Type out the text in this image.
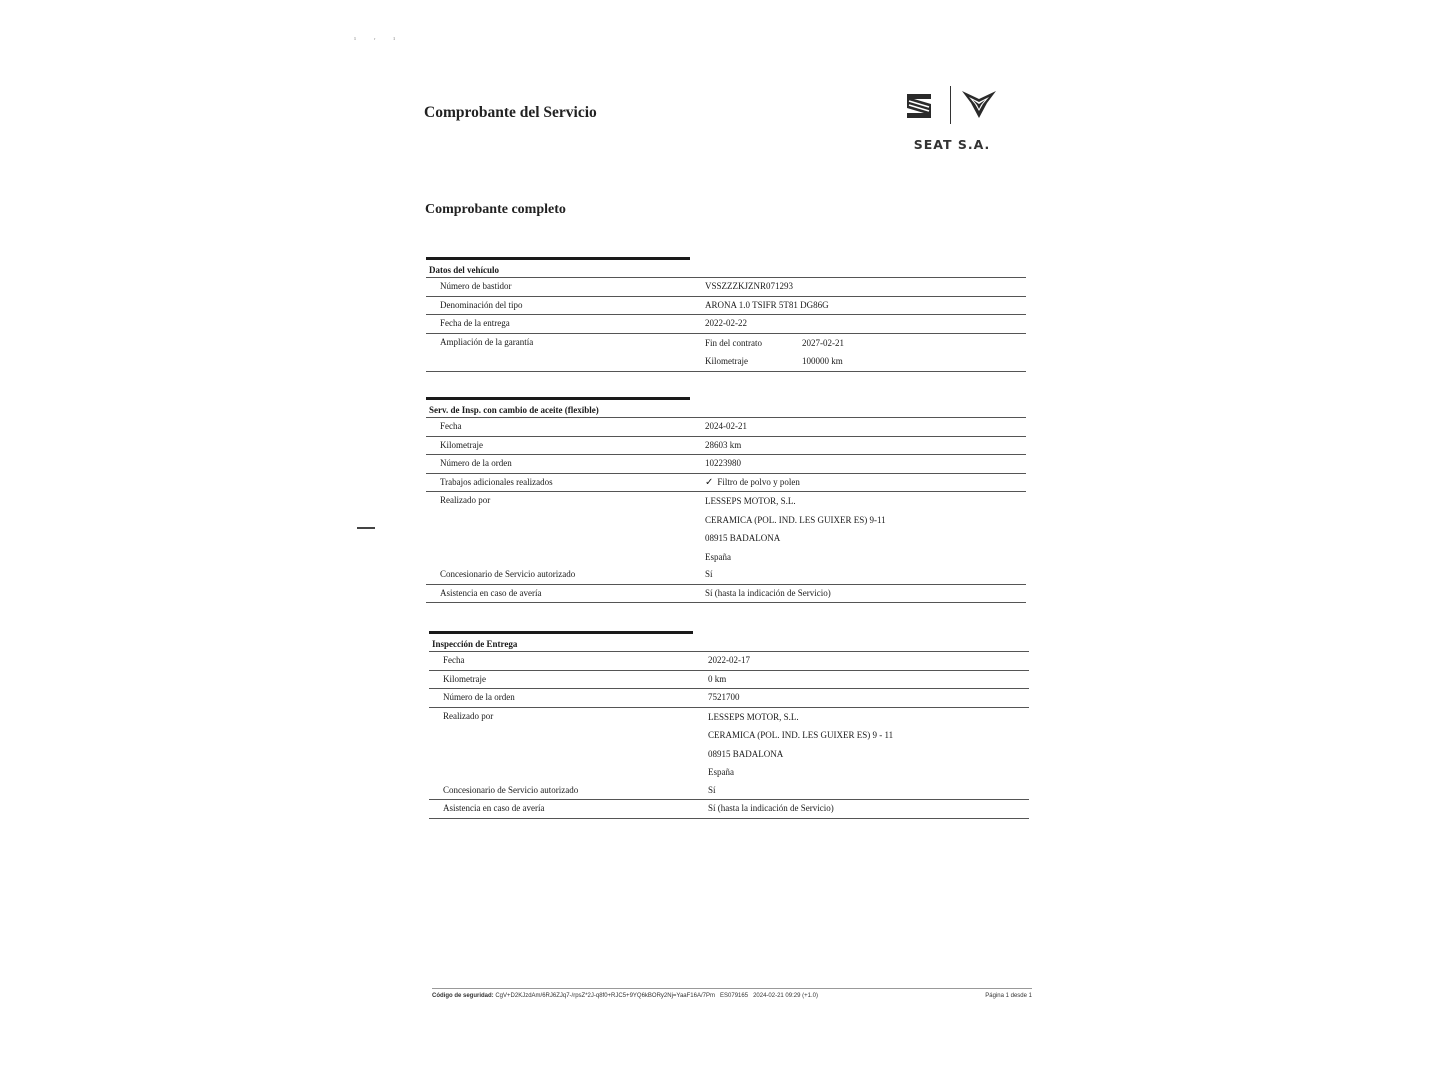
¹ ʳ ¹
Comprobante del Servicio
SEAT S.A.
Comprobante completo
Datos del vehículo
Número de bastidor	VSSZZZKJZNR071293
Denominación del tipo	ARONA 1.0 TSIFR 5T81 DG86G
Fecha de la entrega	2022-02-22
Ampliación de la garantía	Fin del contrato	2027-02-21
Kilometraje	100000 km
Serv. de Insp. con cambio de aceite (flexible)
Fecha	2024-02-21
Kilometraje	28603 km
Número de la orden	10223980
Trabajos adicionales realizados	✓ Filtro de polvo y polen
Realizado por	LESSEPS MOTOR, S.L.
CERAMICA (POL. IND. LES GUIXER ES) 9-11
08915 BADALONA
España
Concesionario de Servicio autorizado	Sí
Asistencia en caso de avería	Sí (hasta la indicación de Servicio)
Inspección de Entrega
Fecha	2022-02-17
Kilometraje	0 km
Número de la orden	7521700
Realizado por	LESSEPS MOTOR, S.L.
CERAMICA (POL. IND. LES GUIXER ES) 9 - 11
08915 BADALONA
España
Concesionario de Servicio autorizado	Sí
Asistencia en caso de avería	Sí (hasta la indicación de Servicio)
Código de seguridad: CgV+D2KJzdAm/6RJ6ZJq7-/rpsZ*2J-q8f0+RJC5+9YQ6kBORy2Nj=YaaF16A/7Pm ES079165 2024-02-21 09:29 (+1.0)	Página 1 desde 1
